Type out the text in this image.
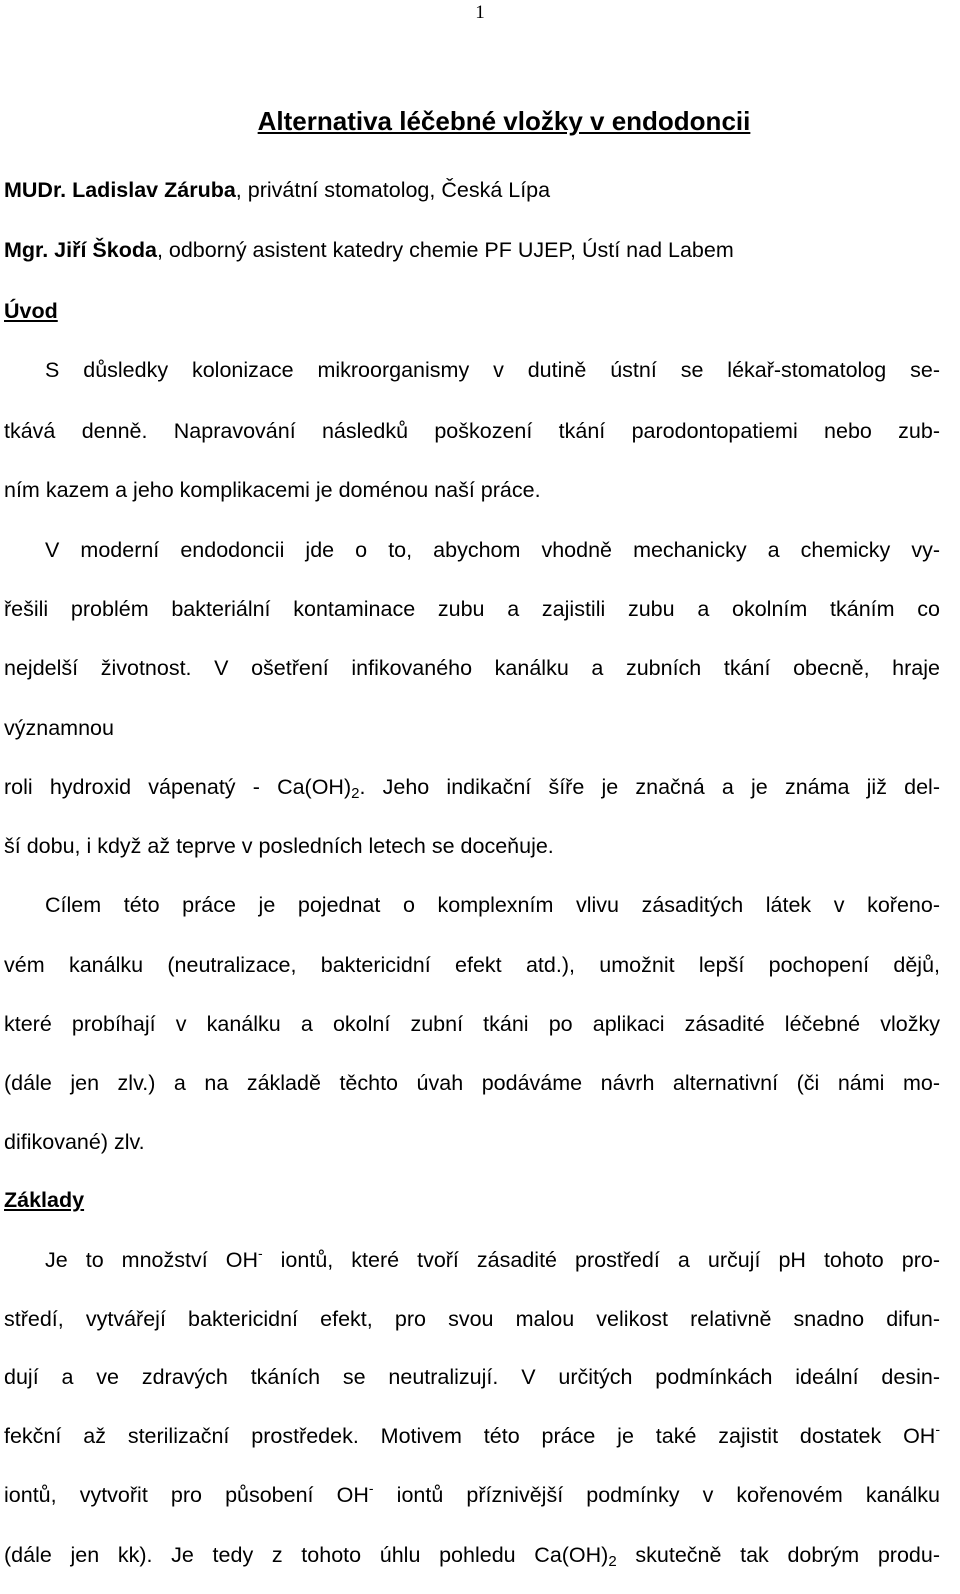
1
Alternativa léčebné vložky v endodoncii
MUDr. Ladislav Záruba, privátní stomatolog, Česká Lípa
Mgr. Jiří Škoda, odborný asistent katedry chemie PF UJEP, Ústí nad Labem
Úvod
S důsledky kolonizace mikroorganismy v dutině ústní se lékař-stomatolog se-
tkává denně. Napravování následků poškození tkání parodontopatiemi nebo zub-
ním kazem a jeho komplikacemi je doménou naší práce.
V moderní endodoncii jde o to, abychom vhodně mechanicky a chemicky vy-
řešili problém bakteriální kontaminace zubu a zajistili zubu a okolním tkáním co
nejdelší životnost. V ošetření infikovaného kanálku a zubních tkání obecně, hraje
významnou
roli hydroxid vápenatý - $Ca(OH)_2$. Jeho indikační šíře je značná a je známa již del-
ší dobu, i když až teprve v posledních letech se doceňuje.
Cílem této práce je pojednat o komplexním vlivu zásaditých látek v kořeno-
vém kanálku (neutralizace, baktericidní efekt atd.), umožnit lepší pochopení dějů,
které probíhají v kanálku a okolní zubní tkáni po aplikaci zásadité léčebné vložky
(dále jen zlv.) a na základě těchto úvah podáváme návrh alternativní (či námi mo-
difikované) zlv.
Základy
Je to množství OH- iontů, které tvoří zásadité prostředí a určují pH tohoto pro-
středí, vytvářejí baktericidní efekt, pro svou malou velikost relativně snadno difun-
dují a ve zdravých tkáních se neutralizují. V určitých podmínkách ideální desin-
fekční až sterilizační prostředek. Motivem této práce je také zajistit dostatek OH-
iontů, vytvořit pro působení OH- iontů příznivější podmínky v kořenovém kanálku
(dále jen kk). Je tedy z tohoto úhlu pohledu $Ca(OH)_2$ skutečně tak dobrým produ-
